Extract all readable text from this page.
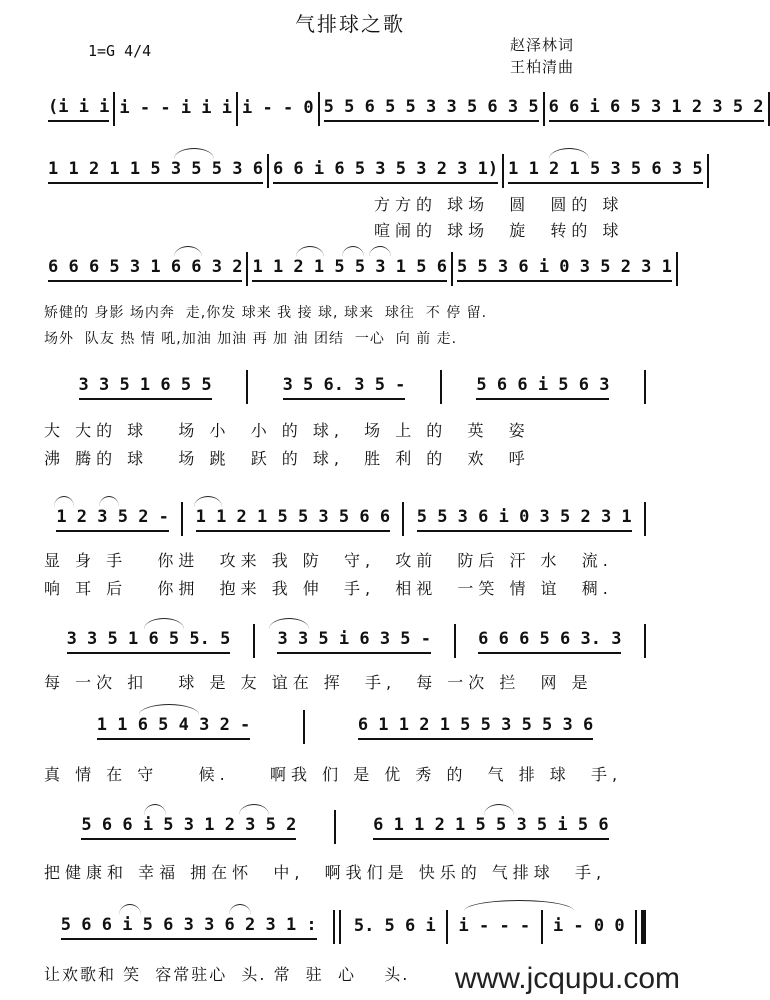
气排球之歌
1=G 4/4	赵泽林词
王柏清曲
(i i i i - - i i i i - - 0 5 5 6 5 5 3 3 5 6 3 5 6 6 i 6 5 3 1 2 3 5 2
1 1 2 1 1 5 3 5 5 3 6 6 6 i 6 5 3 5 3 2 3 1) 1 1 2 1 5 3 5 6 3 5
方方的 球场  圆  圆的 球
喧闹的 球场  旋  转的 球
6 6 6 5 3 1 6 6 3 2 1 1 2 1 5 5 3 1 5 6 5 5 3 6 i 0 3 5 2 3 1
矫健的 身影 场内奔  走,你发 球来 我 接 球, 球来  球往  不 停 留.
场外  队友 热 情 吼,加油 加油 再 加 油 团结  一心  向 前 走.
3 3 5 1 6 5 5	3 5 6. 3 5 -	5 6 6 i 5 6 3
大 大的 球   场 小  小 的 球,  场 上 的  英  姿
沸 腾的 球   场 跳  跃 的 球,  胜 利 的  欢  呼
1 2 3 5 2 - 1 1 2 1 5 5 3 5 6 6 5 5 3 6 i 0 3 5 2 3 1
显 身 手   你进  攻来 我 防  守,  攻前  防后 汗 水  流.
响 耳 后   你拥  抱来 我 伸  手,  相视  一笑 情 谊  稠.
3 3 5 1 6 5 5. 5	3 3 5 i 6 3 5 -	6 6 6 5 6 3. 3
每 一次 扣   球 是 友 谊在 挥  手,  每 一次 拦  网 是
1 1 6 5 4 3 2 -	6 1 1 2 1 5 5 3 5 5 3 6
真 情 在 守    候.    啊我 们 是 优 秀 的  气 排 球  手,
5 6 6 i 5 3 1 2 3 5 2	6 1 1 2 1 5 5 3 5 i 5 6
把健康和 幸福 拥在怀  中,  啊我们是 快乐的 气排球  手,
5 6 6 i 5 6 3 3 6 2 3 1 : 5. 5 6 i i - - - i - 0 0
让欢歌和 笑  容常驻心  头. 常  驻  心    头.	www.jcqupu.com
